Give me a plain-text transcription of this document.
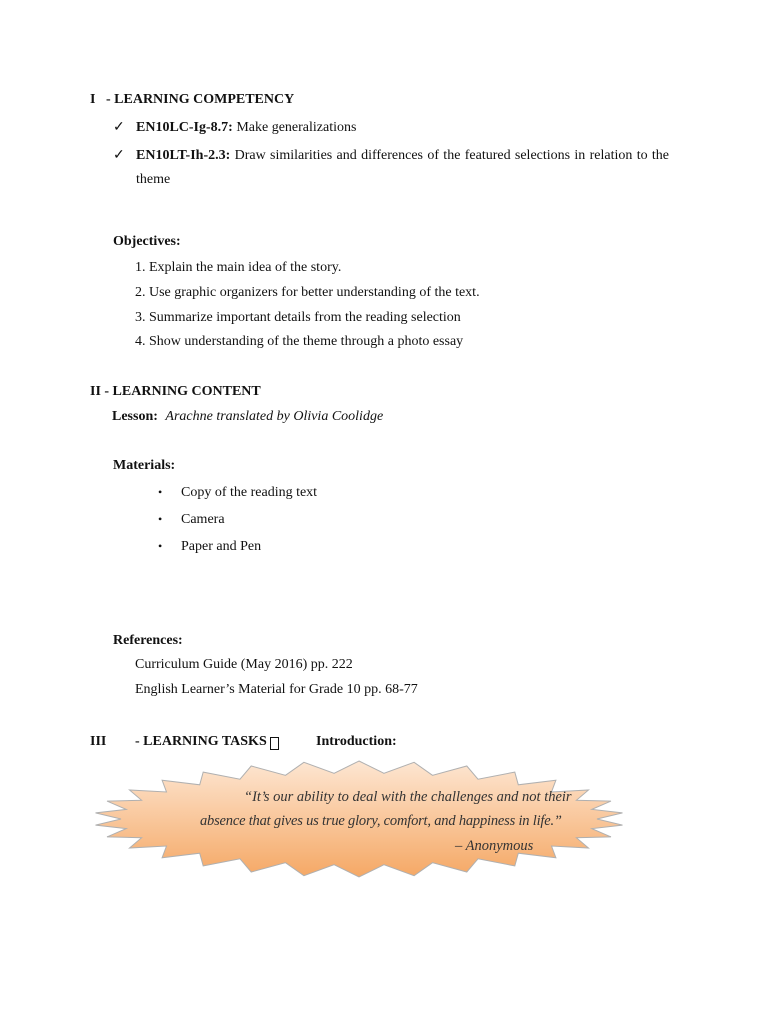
I - LEARNING COMPETENCY
✓ EN10LC-Ig-8.7: Make generalizations
✓ EN10LT-Ih-2.3: Draw similarities and differences of the featured selections in relation to the
theme
Objectives:
1. Explain the main idea of the story.
2. Use graphic organizers for better understanding of the text.
3. Summarize important details from the reading selection
4. Show understanding of the theme through a photo essay
II - LEARNING CONTENT
Lesson: Arachne translated by Olivia Coolidge
Materials:
• Copy of the reading text
• Camera
• Paper and Pen
References:
Curriculum Guide (May 2016) pp. 222
English Learner’s Material for Grade 10 pp. 68-77
III - LEARNING TASKS	Introduction:
“It’s our ability to deal with the challenges and not their
absence that gives us true glory, comfort, and happiness in life.”
– Anonymous
